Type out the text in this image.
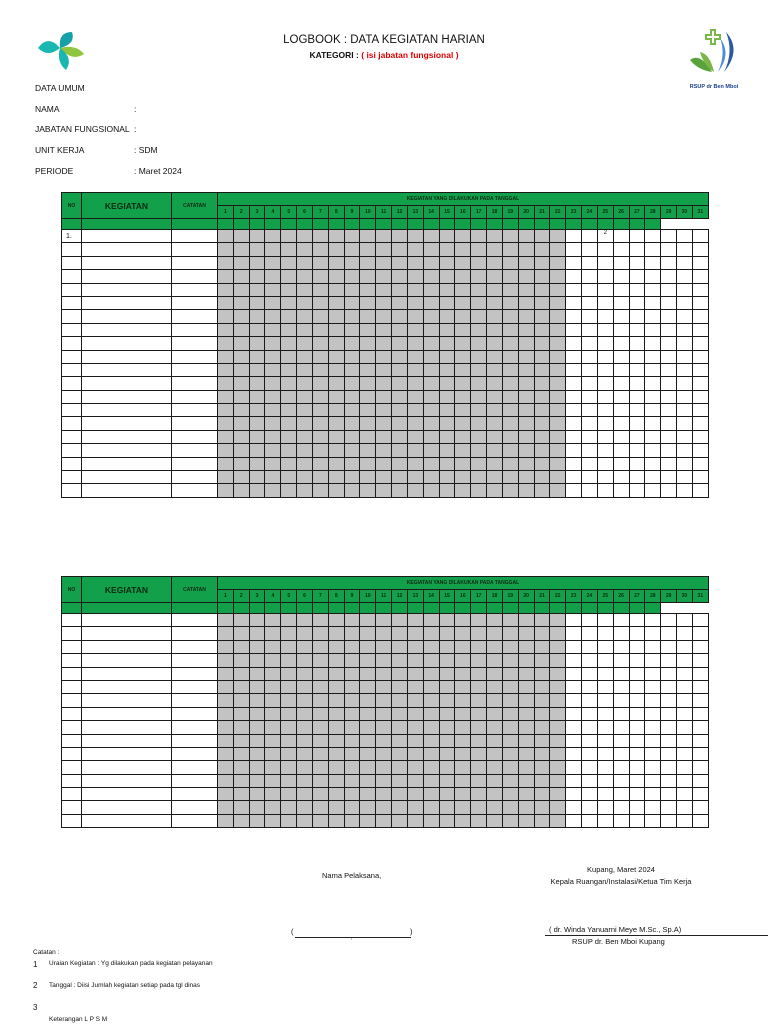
LOGBOOK : DATA KEGIATAN HARIAN
KATEGORI : ( isi jabatan fungsional )
RSUP dr Ben Mboi
DATA UMUM
NAMA	:
JABATAN FUNGSIONAL :
UNIT KERJA	: SDM
PERIODE	: Maret 2024
NO	KEGIATAN	CATATAN	KEGIATAN YANG DILAKUKAN PADA TANGGAL																														
			1	2	3	4	5	6	7	8	9	10	11	12	13	14	15	16	17	18	19	20	21	22	23	24	25	26	27	28	29	30	31

1.																											2						

NO	KEGIATAN	CATATAN	KEGIATAN YANG DILAKUKAN PADA TANGGAL																														
			1	2	3	4	5	6	7	8	9	10	11	12	13	14	15	16	17	18	19	20	21	22	23	24	25	26	27	28	29	30	31

Nama Pelaksana,
Kupang, Maret 2024
Kepala Ruangan/Instalasi/Ketua Tim Kerja
(	)
,
( dr. Winda Yanuarni Meye M.Sc., Sp.A)
RSUP dr. Ben Mboi Kupang
Catatan :
1 Uraian Kegiatan : Yg dilakukan pada kegiatan pelayanan
2 Tanggal : Diisi Jumlah kegiatan setiap pada tgl dinas
3
Keterangan L P S M
